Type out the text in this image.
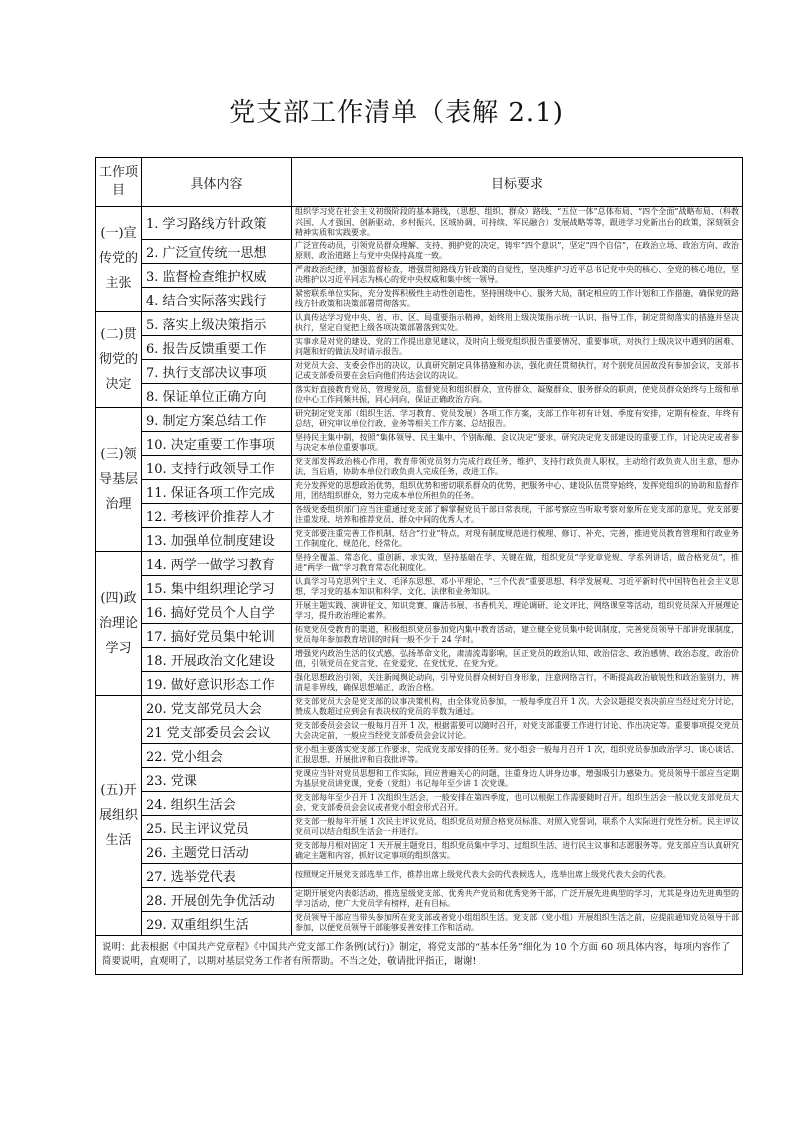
党支部工作清单（表解 2.1)
工作项目	具体内容	目标要求
(一)宣传党的主张	1. 学习路线方针政策	组织学习党在社会主义初级阶段的基本路线，（思想、组织、群众）路线、“五位一体”总体布局、“四个全面”战略布局、（科教兴国、人才强国、创新驱动、乡村振兴、区域协调、可持续、军民融合）发展战略等等，跟进学习党新出台的政策，深刻领会精神实质和实践要求。
	2. 广泛宣传统一思想	广泛宣传动员，引领党员群众理解、支持、拥护党的决定，铸牢“四个意识”，坚定“四个自信”，在政治立场、政治方向、政治原则、政治道路上与党中央保持高度一致。
	3. 监督检查维护权威	严肃政治纪律，加强监督检查，增强贯彻路线方针政策的自觉性，坚决维护习近平总书记党中央的核心、全党的核心地位，坚决维护以习近平同志为核心的党中央权威和集中统一领导。
	4. 结合实际落实践行	紧密联系单位实际，充分发挥积极性主动性创造性，坚持围绕中心、服务大局，制定相应的工作计划和工作措施，确保党的路线方针政策和决策部署贯彻落实。
(二)贯彻党的决定	5. 落实上级决策指示	认真传达学习党中央、省、市、区、局重要指示精神，始终用上级决策指示统一认识、指导工作，制定贯彻落实的措施并坚决执行，坚定自觉把上级各项决策部署落到实处。
	6. 报告反馈重要工作	实事求是对党的建设、党的工作提出意见建议，及时向上级党组织报告重要情况、重要事项，对执行上级决议中遇到的困难、问题和好的做法及时请示报告。
	7. 执行支部决议事项	对党员大会、支委会作出的决议，认真研究制定具体措施和办法，强化责任贯彻执行，对个别党员因故没有参加会议，支部书记或支部委员要在会后向他们传达会议的决议。
	8. 保证单位正确方向	落实好直接教育党员、管理党员，监督党员和组织群众、宣传群众、凝聚群众、服务群众的职责，使党员群众始终与上级和单位中心工作同频共振，同心同向，保证正确政治方向。
(三)领导基层治理	9. 制定方案总结工作	研究制定党支部（组织生活、学习教育、党员发展）各项工作方案，支部工作年初有计划、季度有安排，定期有检查、年终有总结，研究审议单位行政、业务等相关工作方案、总结报告。
	10. 决定重要工作事项	坚持民主集中制，按照“集体领导、民主集中、个别酝酿、会议决定”要求，研究决定党支部建设的重要工作，讨论决定或者参与决定本单位重要事项。
	10. 支持行政领导工作	党支部发挥政治核心作用，教育带领党员努力完成行政任务，维护、支持行政负责人职权，主动给行政负责人出主意，想办法，当后盾，协助本单位行政负责人完成任务，改进工作。
	11. 保证各项工作完成	充分发挥党的思想政治优势，组织优势和密切联系群众的优势，把服务中心、建设队伍贯穿始终，发挥党组织的协助和监督作用，团结组织群众，努力完成本单位所担负的任务。
	12. 考核评价推荐人才	各级党委组织部门应当注重通过党支部了解掌握党员干部日常表现，干部考察应当听取考察对象所在党支部的意见，党支部要注重发现、培养和推荐党员、群众中间的优秀人才。
	13. 加强单位制度建设	党支部要注重完善工作机制，结合“行业”特点，对现有制度规范进行梳理、修订、补充、完善，推进党员教育管理和行政业务工作制度化、规范化、经常化。
(四)政治理论学习	14. 两学一做学习教育	坚持全覆盖、常态化、重创新、求实效，坚持基础在学、关键在做，组织党员“学党章党规、学系列讲话，做合格党员”，推进“两学一做”学习教育常态化制度化。
	15. 集中组织理论学习	认真学习马克思列宁主义、毛泽东思想、邓小平理论、“三个代表”重要思想、科学发展观、习近平新时代中国特色社会主义思想，学习党的基本知识和科学、文化、法律和业务知识。
	16. 搞好党员个人自学	开展主题实践、演讲征文、知识竞赛、廉洁书展、书香机关、理论调研、论文评比、网络课堂等活动，组织党员深入开展理论学习，提升政治理论素养。
	17. 搞好党员集中轮训	拓宽党员受教育的渠道，积极组织党员参加党内集中教育活动，建立健全党员集中轮训制度，完善党员领导干部讲党课制度，党员每年参加教育培训的时间一般不少于 24 学时。
	18. 开展政治文化建设	增强党内政治生活的仪式感，弘扬革命文化，肃清流毒影响，匡正党员的政治认知、政治信念、政治感情、政治态度，政治价值，引领党员在党言党、在党爱党、在党忧党、在党为党。
	19. 做好意识形态工作	强化思想政治引领，关注新闻舆论动向，引导党员群众树好自身形象，注意网络言行，不断提高政治敏锐性和政治鉴别力，辨清是非界线，确保思想端正、政治合格。
(五)开展组织生活	20. 党支部党员大会	党支部党员大会是党支部的议事决策机构，由全体党员参加，一般每季度召开 1 次。大会议题提交表决前应当经过充分讨论，赞成人数超过应到会有表决权的党员的半数为通过。
	21 党支部委员会会议	党支部委员会会议一般每月召开 1 次，根据需要可以随时召开，对党支部重要工作进行讨论、作出决定等。重要事项提交党员大会决定前，一般应当经党支部委员会会议讨论。
	22. 党小组会	党小组主要落实党支部工作要求，完成党支部安排的任务。党小组会一般每月召开 1 次，组织党员参加政治学习、谈心谈话、汇报思想、开展批评和自我批评等。
	23. 党课	党课应当针对党员思想和工作实际，回应普遍关心的问题，注重身边人讲身边事，增强吸引力感染力。党员领导干部应当定期为基层党员讲党课，党委（党组）书记每年至少讲 1 次党课。
	24. 组织生活会	党支部每年至少召开 1 次组织生活会，一般安排在第四季度，也可以根据工作需要随时召开。组织生活会一般以党支部党员大会、党支部委员会会议或者党小组会形式召开。
	25. 民主评议党员	党支部一般每年开展 1 次民主评议党员，组织党员对照合格党员标准、对照入党誓词，联系个人实际进行党性分析。民主评议党员可以结合组织生活会一并进行。
	26. 主题党日活动	党支部每月相对固定 1 天开展主题党日，组织党员集中学习、过组织生活、进行民主议事和志愿服务等。党支部应当认真研究确定主题和内容，抓好议定事项的组织落实。
	27. 选举党代表	按照规定开展党支部选举工作，推荐出席上级党代表大会的代表候选人，选举出席上级党代表大会的代表。
	28. 开展创先争优活动	定期开展党内表彰活动，推选星级党支部、优秀共产党员和优秀党务干部，广泛开展先进典型的学习，尤其是身边先进典型的学习活动，使广大党员学有榜样，赶有目标。
	29. 双重组织生活	党员领导干部应当带头参加所在党支部或者党小组组织生活。党支部（党小组）开展组织生活之前，应提前通知党员领导干部参加，以便党员领导干部能够妥善安排工作和活动。
说明：此表根据《中国共产党章程》《中国共产党支部工作条例(试行)》制定，将党支部的“基本任务”细化为 10 个方面 60 项具体内容，每项内容作了简要说明，直观明了，以期对基层党务工作者有所帮助。不当之处，敬请批评指正，谢谢!		
